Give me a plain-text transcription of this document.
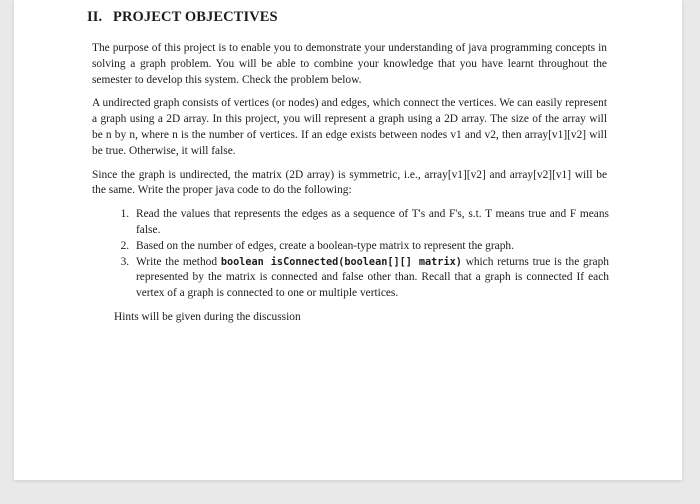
II. PROJECT OBJECTIVES

The purpose of this project is to enable you to demonstrate your understanding of java programming concepts in solving a graph problem. You will be able to combine your knowledge that you have learnt throughout the semester to develop this system. Check the problem below.

A undirected graph consists of vertices (or nodes) and edges, which connect the vertices. We can easily represent a graph using a 2D array. In this project, you will represent a graph using a 2D array. The size of the array will be n by n, where n is the number of vertices. If an edge exists between nodes v1 and v2, then array[v1][v2] will be true. Otherwise, it will false.

Since the graph is undirected, the matrix (2D array) is symmetric, i.e., array[v1][v2] and array[v2][v1] will be the same. Write the proper java code to do the following:

1. Read the values that represents the edges as a sequence of T's and F's, s.t. T means true and F means false.
2. Based on the number of edges, create a boolean-type matrix to represent the graph.
3. Write the method boolean isConnected(boolean[][] matrix) which returns true is the graph represented by the matrix is connected and false other than. Recall that a graph is connected If each vertex of a graph is connected to one or multiple vertices.

Hints will be given during the discussion
